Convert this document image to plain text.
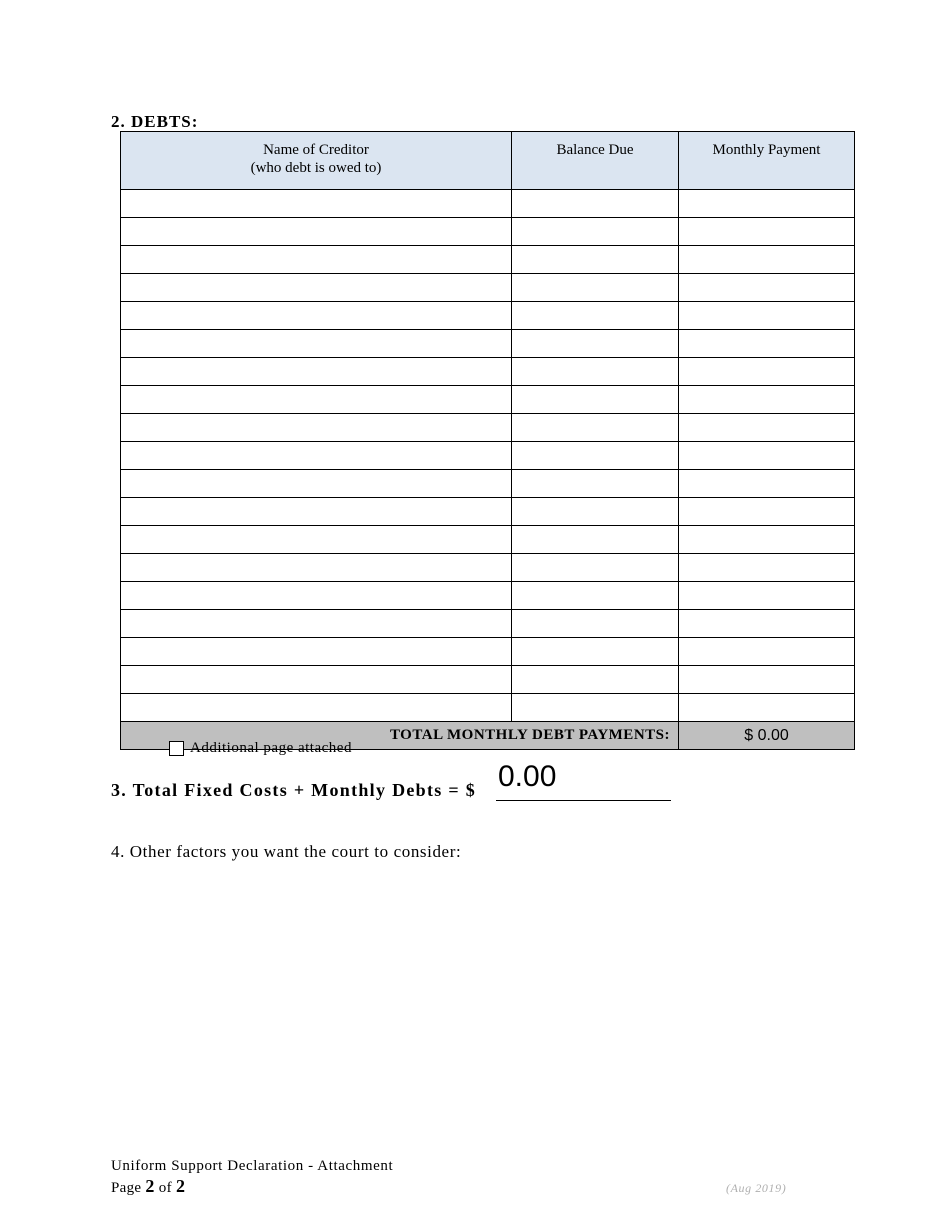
2. DEBTS:
Name of Creditor
(who debt is owed to)	Balance Due	Monthly Payment

TOTAL MONTHLY DEBT PAYMENTS:		$ 0.00
Additional page attached
3. Total Fixed Costs + Monthly Debts = $ 0.00
4. Other factors you want the court to consider:
Uniform Support Declaration - Attachment
Page 2 of 2	(Aug 2019)
